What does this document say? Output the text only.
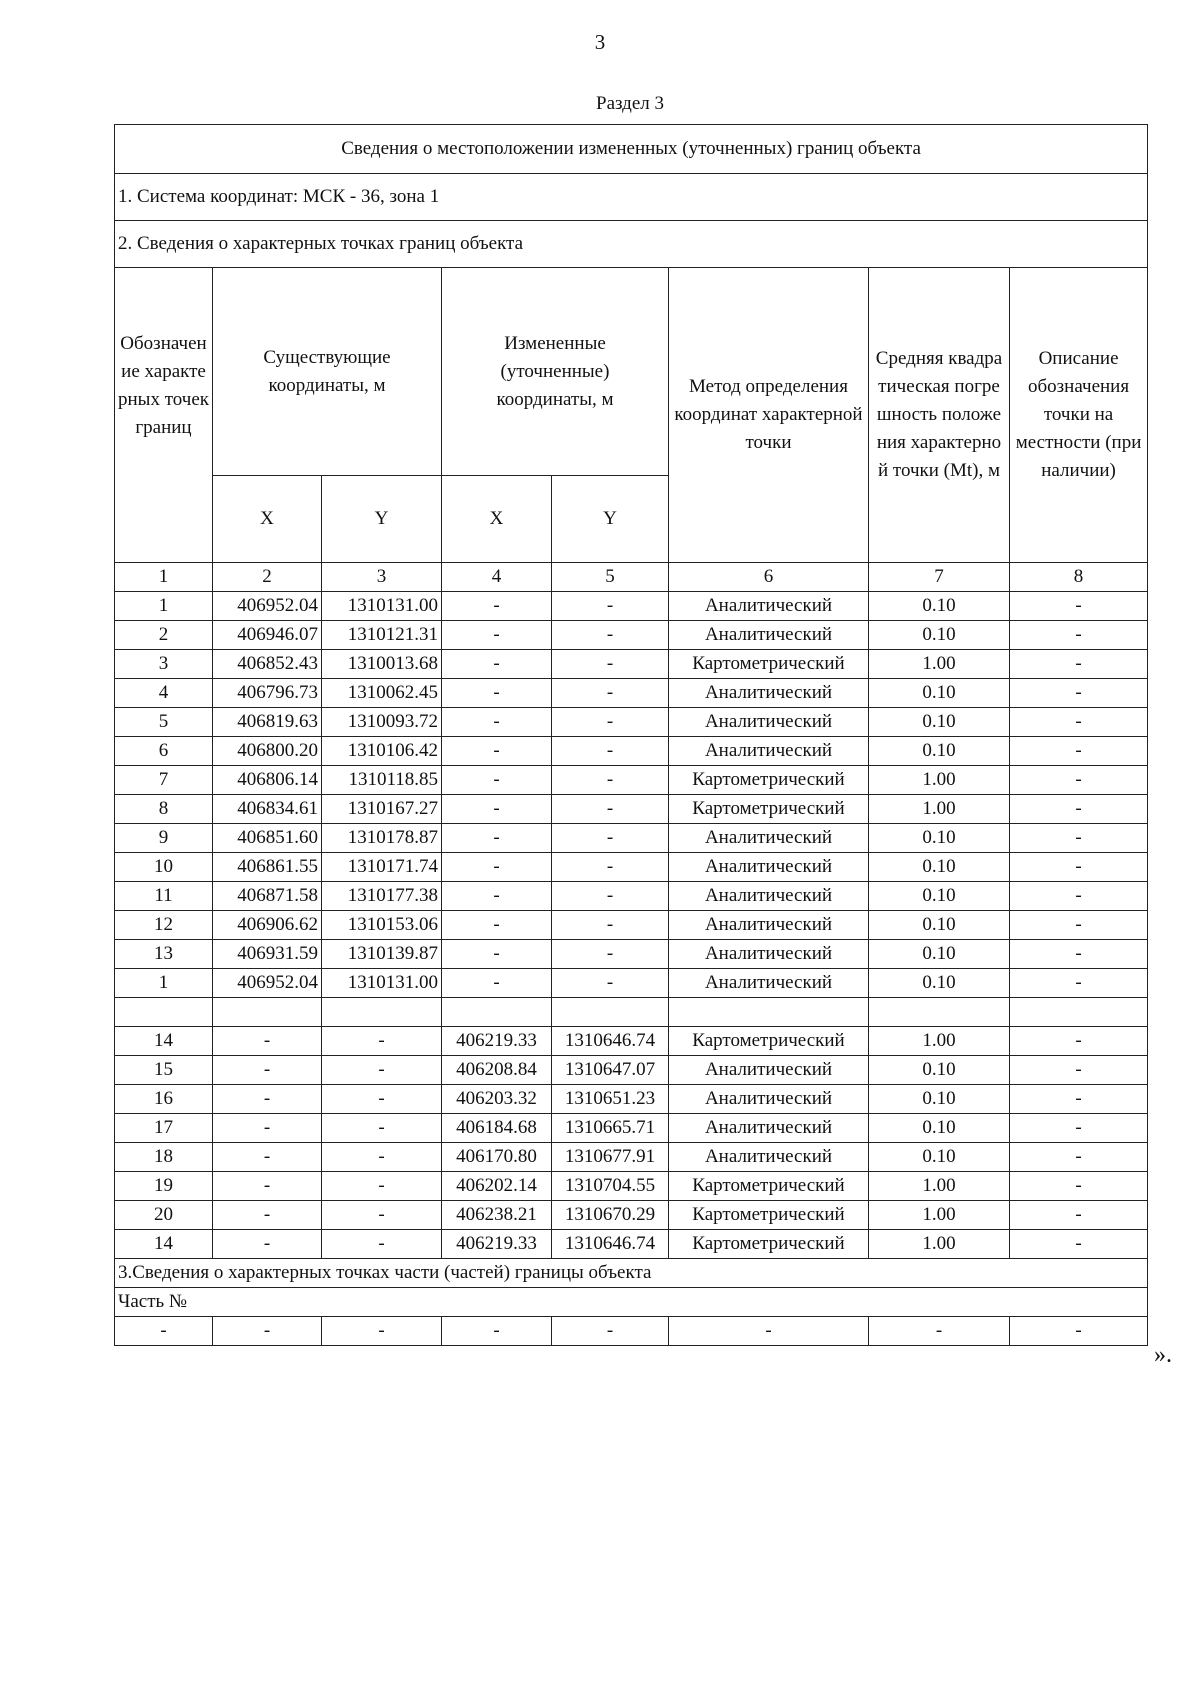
3
Раздел 3
Сведения о местоположении измененных (уточненных) границ объекта							
1. Система координат: МСК - 36, зона 1							
2. Сведения о характерных точках границ объекта							
Обозначение характерных точек границ	Существующие координаты, м		Измененные (уточненные) координаты, м		Метод определения координат характерной точки	Средняя квадратическая погрешность положения характерной точки (Mt), м	Описание обозначения точки на местности (при наличии)
	X	Y	X	Y			
1	2	3	4	5	6	7	8
1	406952.04	1310131.00	-	-	Аналитический	0.10	-
2	406946.07	1310121.31	-	-	Аналитический	0.10	-
3	406852.43	1310013.68	-	-	Картометрический	1.00	-
4	406796.73	1310062.45	-	-	Аналитический	0.10	-
5	406819.63	1310093.72	-	-	Аналитический	0.10	-
6	406800.20	1310106.42	-	-	Аналитический	0.10	-
7	406806.14	1310118.85	-	-	Картометрический	1.00	-
8	406834.61	1310167.27	-	-	Картометрический	1.00	-
9	406851.60	1310178.87	-	-	Аналитический	0.10	-
10	406861.55	1310171.74	-	-	Аналитический	0.10	-
11	406871.58	1310177.38	-	-	Аналитический	0.10	-
12	406906.62	1310153.06	-	-	Аналитический	0.10	-
13	406931.59	1310139.87	-	-	Аналитический	0.10	-
1	406952.04	1310131.00	-	-	Аналитический	0.10	-

14	-	-	406219.33	1310646.74	Картометрический	1.00	-
15	-	-	406208.84	1310647.07	Аналитический	0.10	-
16	-	-	406203.32	1310651.23	Аналитический	0.10	-
17	-	-	406184.68	1310665.71	Аналитический	0.10	-
18	-	-	406170.80	1310677.91	Аналитический	0.10	-
19	-	-	406202.14	1310704.55	Картометрический	1.00	-
20	-	-	406238.21	1310670.29	Картометрический	1.00	-
14	-	-	406219.33	1310646.74	Картометрический	1.00	-
3.Сведения о характерных точках части (частей) границы объекта							
Часть №							
-	-	-	-	-	-	-	-
».
